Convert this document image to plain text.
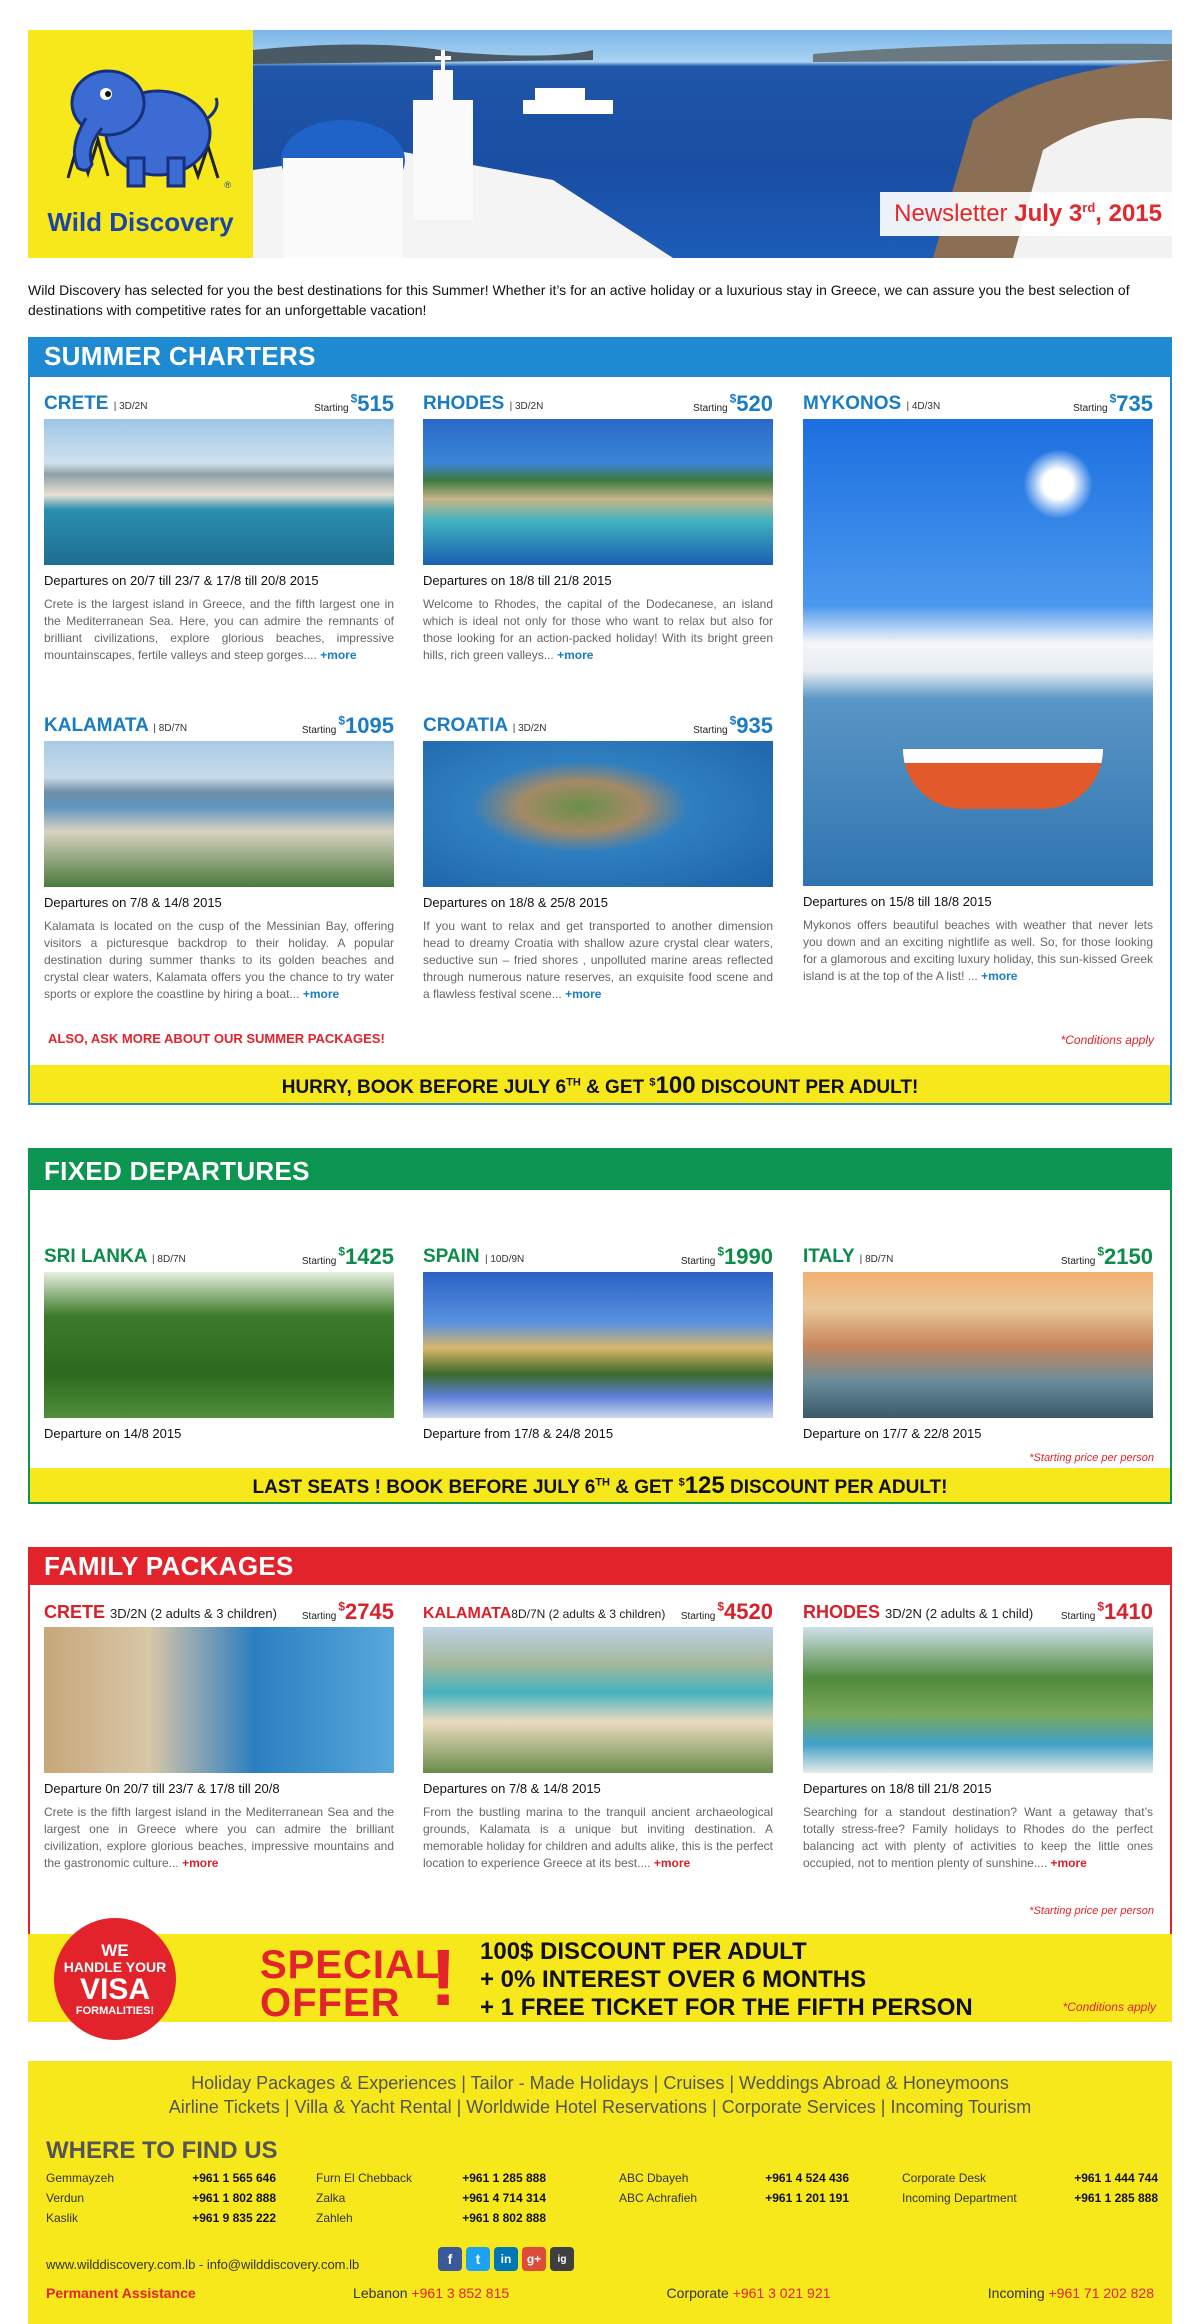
®
Wild Discovery	Newsletter July 3rd, 2015

Wild Discovery has selected for you the best destinations for this Summer! Whether it’s for an active holiday or a luxurious stay in Greece, we can assure you the best selection of destinations with competitive rates for an unforgettable vacation!

SUMMER CHARTERS
CRETE | 3D/2N	Starting$515
Departures on 20/7 till 23/7 & 17/8 till 20/8 2015

Crete is the largest island in Greece, and the fifth largest one in the Mediterranean Sea. Here, you can admire the remnants of brilliant civilizations, explore glorious beaches, impressive mountainscapes, fertile valleys and steep gorges.... +more

RHODES | 3D/2N	Starting$520
Departures on 18/8 till 21/8 2015

Welcome to Rhodes, the capital of the Dodecanese, an island which is ideal not only for those who want to relax but also for those looking for an action-packed holiday! With its bright green hills, rich green valleys... +more

MYKONOS | 4D/3N	Starting$735
Departures on 15/8 till 18/8 2015

Mykonos offers beautiful beaches with weather that never lets you down and an exciting nightlife as well. So, for those looking for a glamorous and exciting luxury holiday, this sun-kissed Greek island is at the top of the A list! ... +more

KALAMATA | 8D/7N	Starting$1095
Departures on 7/8 & 14/8 2015

Kalamata is located on the cusp of the Messinian Bay, offering visitors a picturesque backdrop to their holiday. A popular destination during summer thanks to its golden beaches and crystal clear waters, Kalamata offers you the chance to try water sports or explore the coastline by hiring a boat... +more

CROATIA | 3D/2N	Starting$935
Departures on 18/8 & 25/8 2015

If you want to relax and get transported to another dimension head to dreamy Croatia with shallow azure crystal clear waters, seductive sun – fried shores , unpolluted marine areas reflected through numerous nature reserves, an exquisite food scene and a flawless festival scene... +more

ALSO, ASK MORE ABOUT OUR SUMMER PACKAGES!	*Conditions apply
HURRY, BOOK BEFORE JULY 6TH & GET $100 DISCOUNT PER ADULT!
FIXED DEPARTURES
SRI LANKA | 8D/7N	Starting$1425
Departure on 14/8 2015
SPAIN | 10D/9N	Starting$1990
Departure from 17/8 & 24/8 2015
ITALY | 8D/7N	Starting$2150
Departure on 17/7 & 22/8 2015
*Starting price per person
LAST SEATS ! BOOK BEFORE JULY 6TH & GET $125 DISCOUNT PER ADULT!
FAMILY PACKAGES
CRETE 3D/2N (2 adults & 3 children) Starting$2745
Departure 0n 20/7 till 23/7 & 17/8 till 20/8

Crete is the fifth largest island in the Mediterranean Sea and the largest one in Greece where you can admire the brilliant civilization, explore glorious beaches, impressive mountains and the gastronomic culture... +more

KALAMATA8D/7N (2 adults & 3 children) Starting$4520
Departures on 7/8 & 14/8 2015

From the bustling marina to the tranquil ancient archaeological grounds, Kalamata is a unique but inviting destination. A memorable holiday for children and adults alike, this is the perfect location to experience Greece at its best.... +more

RHODES 3D/2N (2 adults & 1 child)	Starting$1410
Departures on 18/8 till 21/8 2015

Searching for a standout destination? Want a getaway that’s totally stress-free? Family holidays to Rhodes do the perfect balancing act with plenty of activities to keep the little ones occupied, not to mention plenty of sunshine.... +more

*Starting price per person
WE
HANDLE YOUR
VISA
FORMALITIES!
SPECIAL
OFFER ! 100$ DISCOUNT PER ADULT
+ 0% INTEREST OVER 6 MONTHS
+ 1 FREE TICKET FOR THE FIFTH PERSON	*Conditions apply
Holiday Packages & Experiences | Tailor - Made Holidays | Cruises | Weddings Abroad & Honeymoons
Airline Tickets | Villa & Yacht Rental | Worldwide Hotel Reservations | Corporate Services | Incoming Tourism
WHERE TO FIND US
Gemmayzeh	+961 1 565 646
Verdun	+961 1 802 888
Kaslik	+961 9 835 222
Furn El Chebback	+961 1 285 888
Zalka	+961 4 714 314
Zahleh	+961 8 802 888
ABC Dbayeh	+961 4 524 436
ABC Achrafieh	+961 1 201 191
Corporate Desk	+961 1 444 744
Incoming Department	+961 1 285 888
www.wilddiscovery.com.lb - info@wilddiscovery.com.lb	f	t	in	g+	ig
Permanent Assistance	Lebanon +961 3 852 815	Corporate +961 3 021 921	Incoming +961 71 202 828
